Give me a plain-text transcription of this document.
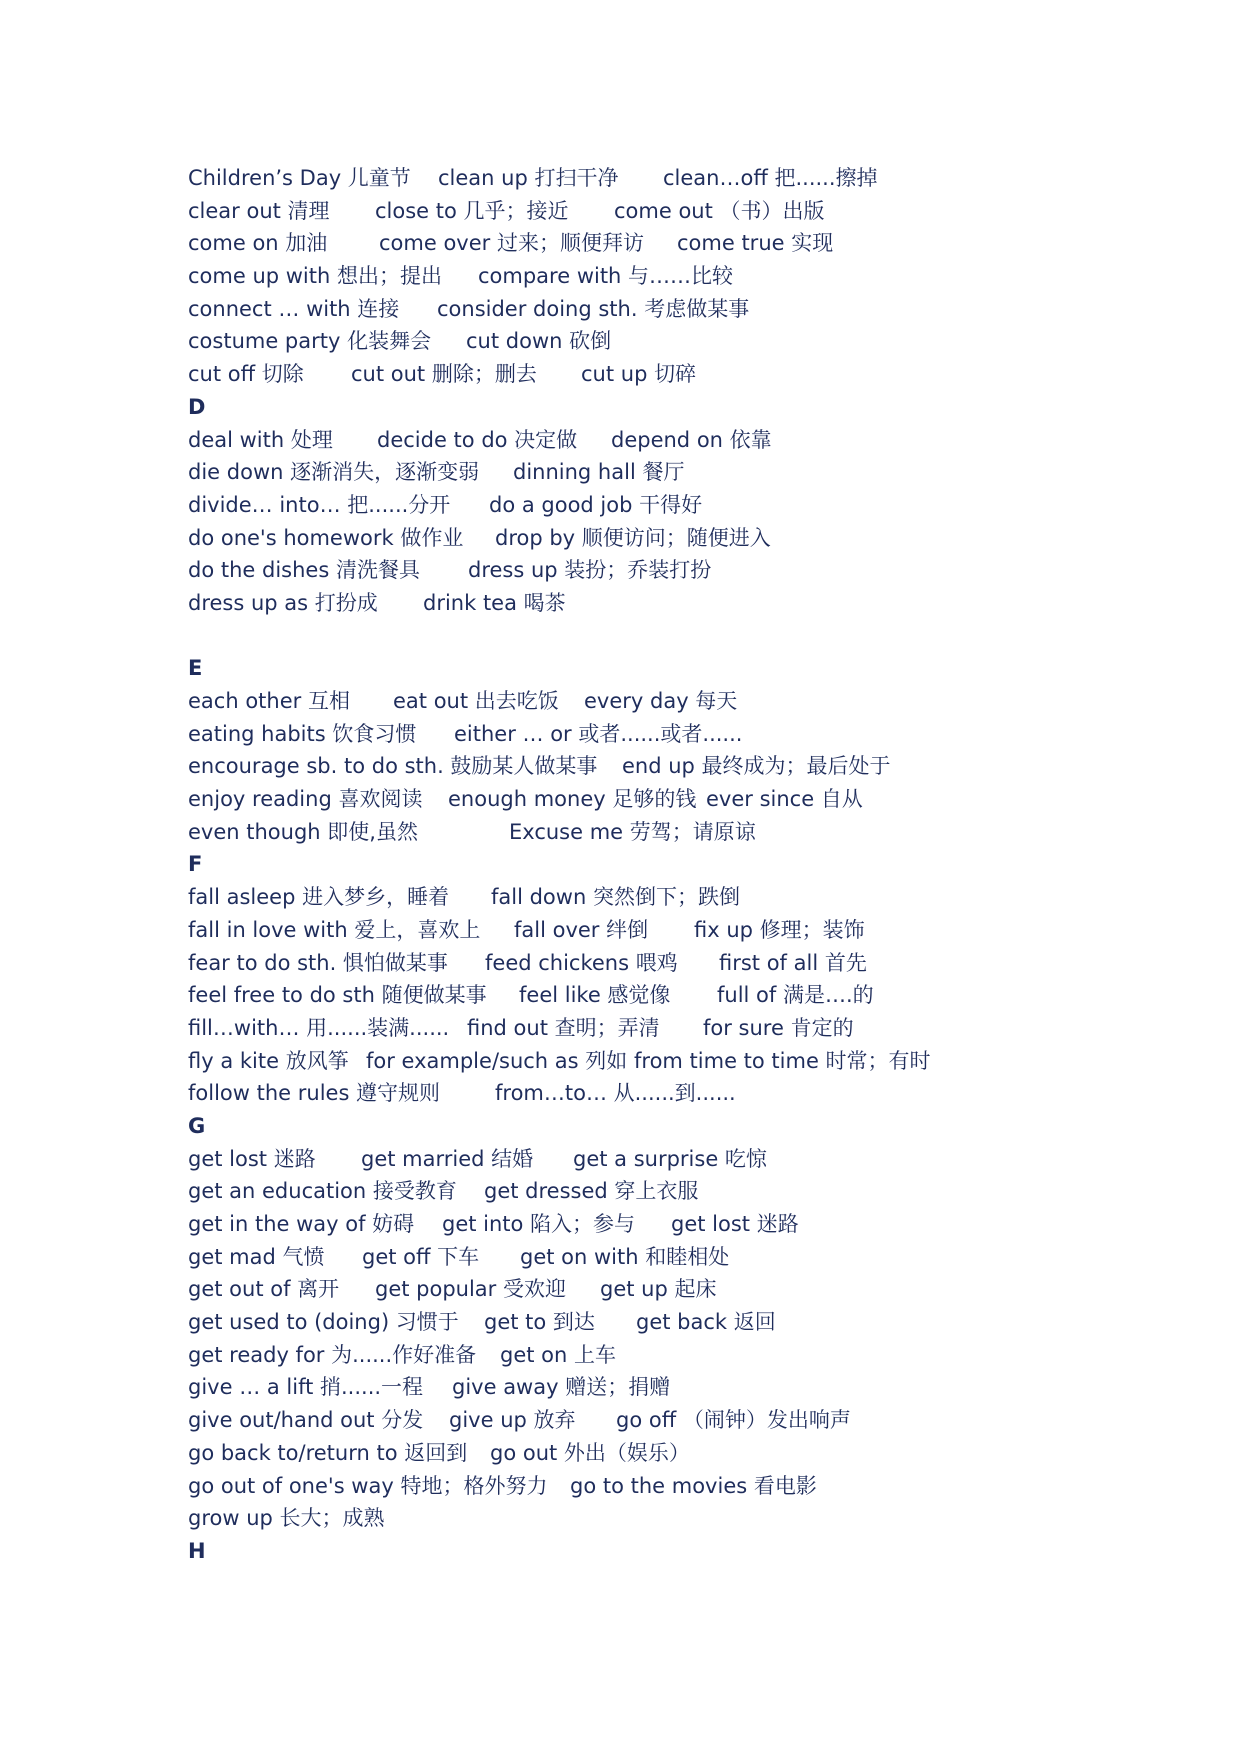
Children’s Day 儿童节 clean up 打扫干净 clean…off 把......擦掉
clear out 清理 close to 几乎；接近 come out （书）出版
come on 加油 come over 过来；顺便拜访 come true 实现
come up with 想出；提出 compare with 与……比较
connect … with 连接 consider doing sth. 考虑做某事
costume party 化装舞会 cut down 砍倒
cut off 切除 cut out 删除；删去 cut up 切碎
D
deal with 处理 decide to do 决定做 depend on 依靠
die down 逐渐消失，逐渐变弱 dinning hall 餐厅
divide… into… 把......分开 do a good job 干得好
do one's homework 做作业 drop by 顺便访问；随便进入
do the dishes 清洗餐具 dress up 装扮；乔装打扮
dress up as 打扮成 drink tea 喝茶
E
each other 互相 eat out 出去吃饭 every day 每天
eating habits 饮食习惯 either … or 或者......或者......
encourage sb. to do sth. 鼓励某人做某事 end up 最终成为；最后处于
enjoy reading 喜欢阅读 enough money 足够的钱 ever since 自从
even though 即使,虽然	Excuse me 劳驾；请原谅
F
fall asleep 进入梦乡，睡着 fall down 突然倒下；跌倒
fall in love with 爱上，喜欢上 fall over 绊倒 fix up 修理；装饰
fear to do sth. 惧怕做某事 feed chickens 喂鸡 first of all 首先
feel free to do sth 随便做某事 feel like 感觉像 full of 满是….的
fill…with… 用......装满...... find out 查明；弄清 for sure 肯定的
fly a kite 放风筝 for example/such as 列如 from time to time 时常；有时
follow the rules 遵守规则	from…to… 从......到......
G
get lost 迷路 get married 结婚 get a surprise 吃惊
get an education 接受教育 get dressed 穿上衣服
get in the way of 妨碍 get into 陷入；参与 get lost 迷路
get mad 气愤 get off 下车 get on with 和睦相处
get out of 离开 get popular 受欢迎 get up 起床
get used to (doing) 习惯于 get to 到达 get back 返回
get ready for 为......作好准备 get on 上车
give … a lift 捎......一程 give away 赠送；捐赠
give out/hand out 分发 give up 放弃 go off （闹钟）发出响声
go back to/return to 返回到 go out 外出（娱乐）
go out of one's way 特地；格外努力 go to the movies 看电影
grow up 长大；成熟
H
